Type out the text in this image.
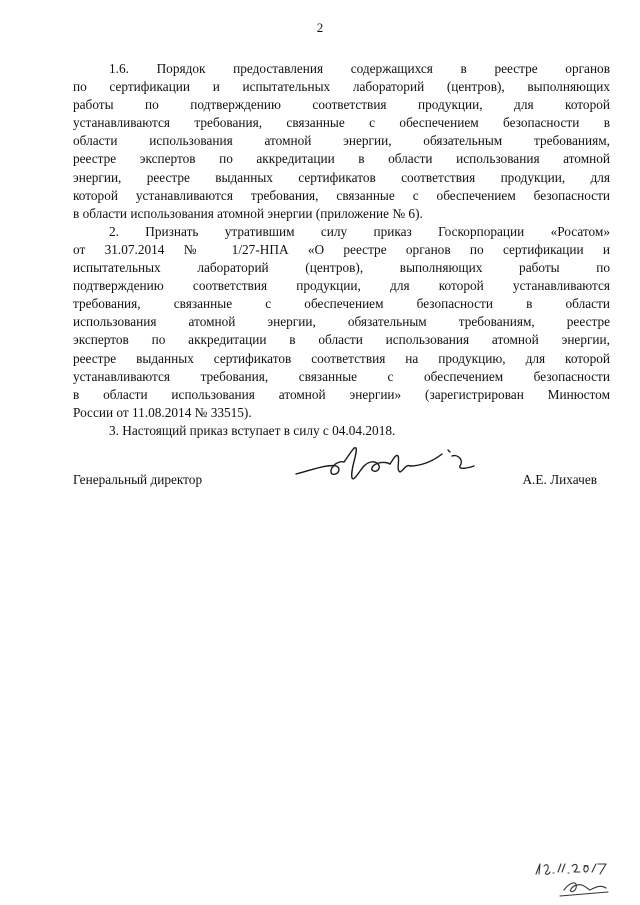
2
1.6. Порядок предоставления содержащихся в реестре органов
по сертификации и испытательных лабораторий (центров), выполняющих
работы по подтверждению соответствия продукции, для которой
устанавливаются требования, связанные с обеспечением безопасности в
области использования атомной энергии, обязательным требованиям,
реестре экспертов по аккредитации в области использования атомной
энергии, реестре выданных сертификатов соответствия продукции, для
которой устанавливаются требования, связанные с обеспечением безопасности
в области использования атомной энергии (приложение № 6).
2. Признать утратившим силу приказ Госкорпорации «Росатом»
от 31.07.2014 № 1/27-НПА «О реестре органов по сертификации и
испытательных лабораторий (центров), выполняющих работы по
подтверждению соответствия продукции, для которой устанавливаются
требования, связанные с обеспечением безопасности в области
использования атомной энергии, обязательным требованиям, реестре
экспертов по аккредитации в области использования атомной энергии,
реестре выданных сертификатов соответствия на продукцию, для которой
устанавливаются требования, связанные с обеспечением безопасности
в области использования атомной энергии» (зарегистрирован Минюстом
России от 11.08.2014 № 33515).
3. Настоящий приказ вступает в силу с 04.04.2018.
Генеральный директор	А.Е. Лихачев
